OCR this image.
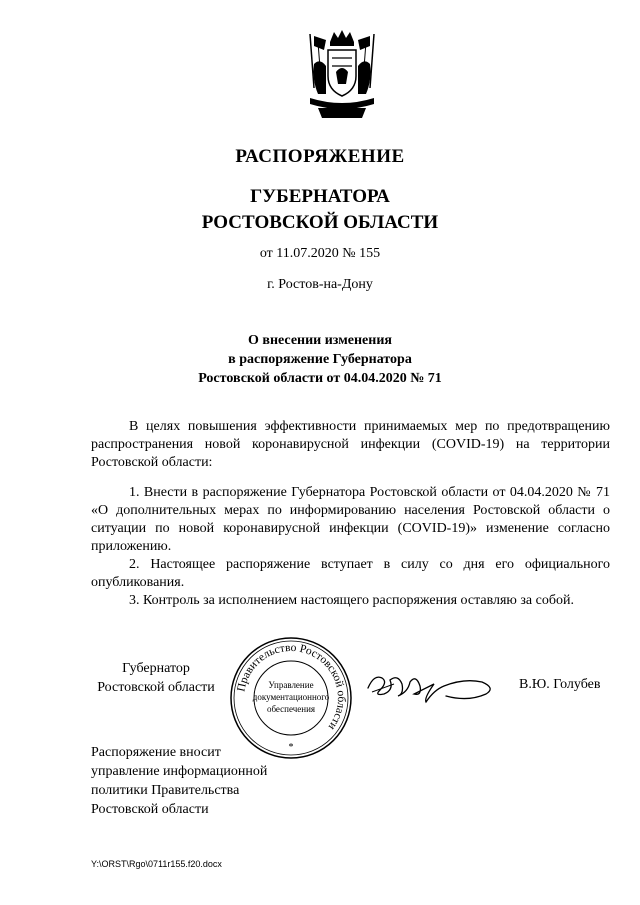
РАСПОРЯЖЕНИЕ
ГУБЕРНАТОРА
РОСТОВСКОЙ ОБЛАСТИ
от 11.07.2020 № 155
г. Ростов-на-Дону
О внесении изменения
в распоряжение Губернатора
Ростовской области от 04.04.2020 № 71

В целях повышения эффективности принимаемых мер по предотвращению распространения новой коронавирусной инфекции (COVID-19) на территории Ростовской области:

1. Внести в распоряжение Губернатора Ростовской области от 04.04.2020 № 71 «О дополнительных мерах по информированию населения Ростовской области о ситуации по новой коронавирусной инфекции (COVID-19)» изменение согласно приложению.

2. Настоящее распоряжение вступает в силу со дня его официального опубликования.

3. Контроль за исполнением настоящего распоряжения оставляю за собой.

Губернатор
Ростовской области	Правительство Ростовской области
Управление
документационного
обеспечения
*
В.Ю. Голубев
Распоряжение вносит
управление информационной
политики Правительства
Ростовской области
Y:\ORST\Rgo\0711r155.f20.docx
